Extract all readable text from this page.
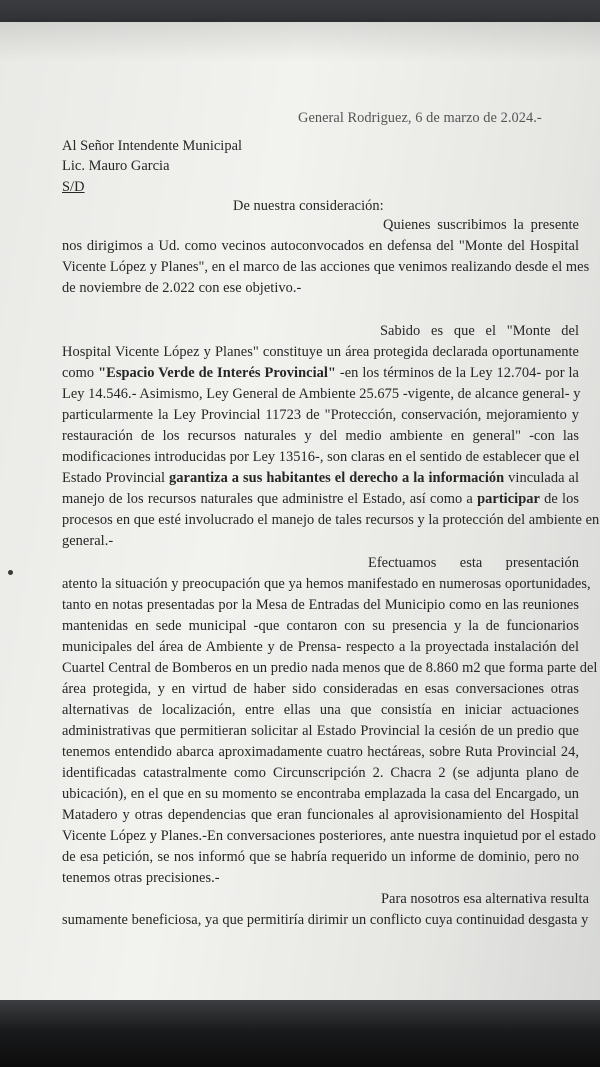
General Rodriguez, 6 de marzo de 2.024.-
Al Señor Intendente Municipal
Lic. Mauro Garcia
S/D
De nuestra consideración:
Quienes suscribimos la presente
nos dirigimos a Ud. como vecinos autoconvocados en defensa del "Monte del Hospital
Vicente López y Planes", en el marco de las acciones que venimos realizando desde el mes
de noviembre de 2.022 con ese objetivo.-
Sabido es que el "Monte del
Hospital Vicente López y Planes" constituye un área protegida declarada oportunamente
como "Espacio Verde de Interés Provincial" -en los términos de la Ley 12.704- por la
Ley 14.546.- Asimismo, Ley General de Ambiente 25.675 -vigente, de alcance general- y
particularmente la Ley Provincial 11723 de "Protección, conservación, mejoramiento y
restauración de los recursos naturales y del medio ambiente en general" -con las
modificaciones introducidas por Ley 13516-, son claras en el sentido de establecer que el
Estado Provincial garantiza a sus habitantes el derecho a la información vinculada al
manejo de los recursos naturales que administre el Estado, así como a participar de los
procesos en que esté involucrado el manejo de tales recursos y la protección del ambiente en
general.-
Efectuamos esta presentación
atento la situación y preocupación que ya hemos manifestado en numerosas oportunidades,
tanto en notas presentadas por la Mesa de Entradas del Municipio como en las reuniones
mantenidas en sede municipal -que contaron con su presencia y la de funcionarios
municipales del área de Ambiente y de Prensa- respecto a la proyectada instalación del
Cuartel Central de Bomberos en un predio nada menos que de 8.860 m2 que forma parte del
área protegida, y en virtud de haber sido consideradas en esas conversaciones otras
alternativas de localización, entre ellas una que consistía en iniciar actuaciones
administrativas que permitieran solicitar al Estado Provincial la cesión de un predio que
tenemos entendido abarca aproximadamente cuatro hectáreas, sobre Ruta Provincial 24,
identificadas catastralmente como Circunscripción 2. Chacra 2 (se adjunta plano de
ubicación), en el que en su momento se encontraba emplazada la casa del Encargado, un
Matadero y otras dependencias que eran funcionales al aprovisionamiento del Hospital
Vicente López y Planes.-En conversaciones posteriores, ante nuestra inquietud por el estado
de esa petición, se nos informó que se habría requerido un informe de dominio, pero no
tenemos otras precisiones.-
Para nosotros esa alternativa resulta
sumamente beneficiosa, ya que permitiría dirimir un conflicto cuya continuidad desgasta y
